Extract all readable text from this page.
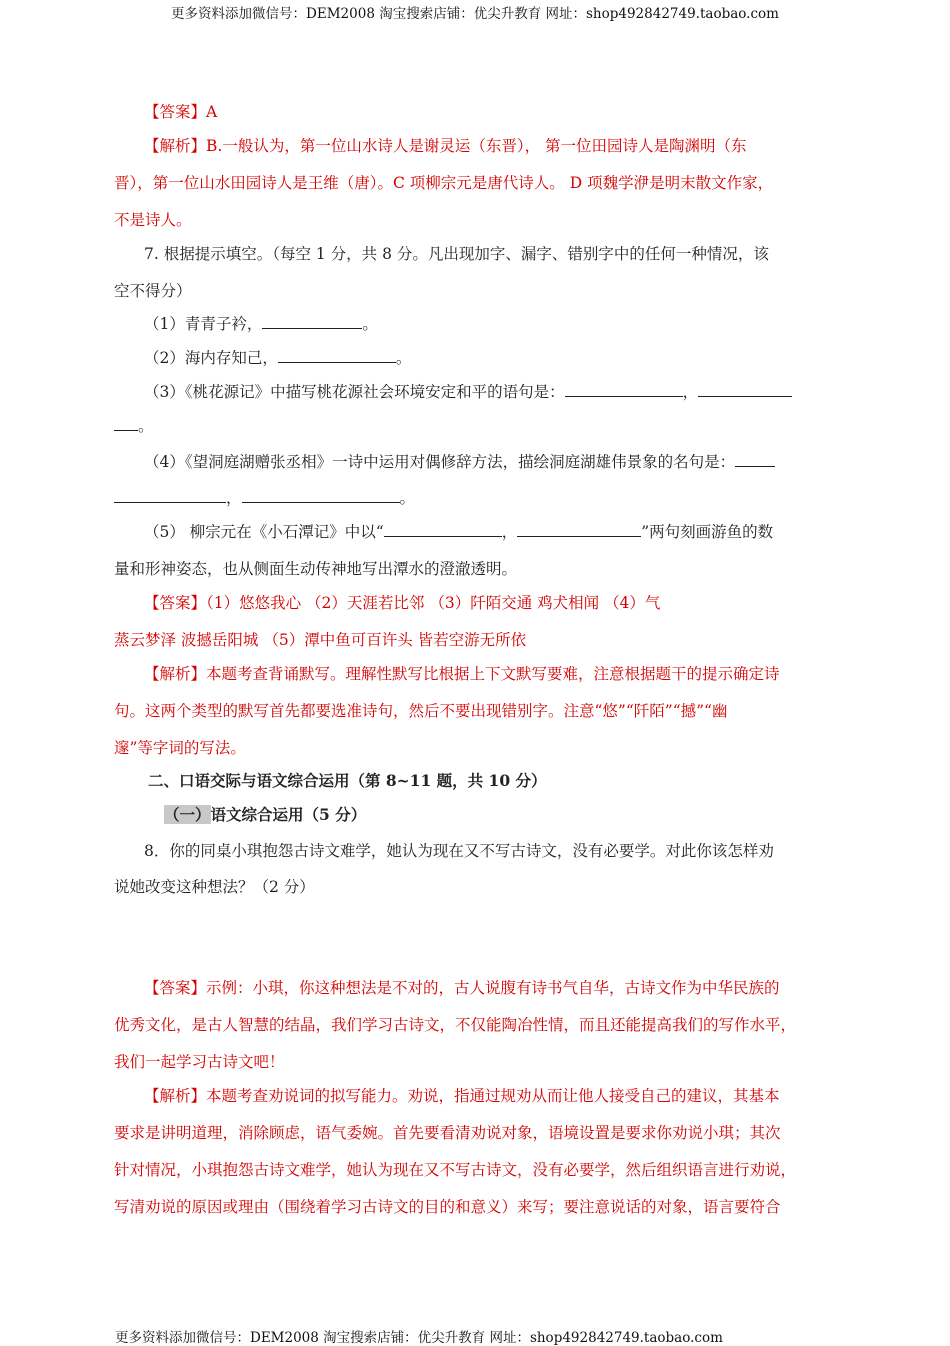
更多资料添加微信号：DEM2008 淘宝搜索店铺：优尖升教育 网址：shop492842749.taobao.com
【答案】A
【解析】B.一般认为，第一位山水诗人是谢灵运（东晋）， 第一位田园诗人是陶渊明（东
晋），第一位山水田园诗人是王维（唐）。C 项柳宗元是唐代诗人。 D 项魏学洢是明末散文作家，
不是诗人。
7. 根据提示填空。（每空 1 分，共 8 分。凡出现加字、漏字、错别字中的任何一种情况，该
空不得分）
（1）青青子衿，	。
（2）海内存知己，	。
（3）《桃花源记》中描写桃花源社会环境安定和平的语句是：	，
。
（4）《望洞庭湖赠张丞相》一诗中运用对偶修辞方法，描绘洞庭湖雄伟景象的名句是：
，	。
（5） 柳宗元在《小石潭记》中以“	，	”两句刻画游鱼的数
量和形神姿态，也从侧面生动传神地写出潭水的澄澈透明。
【答案】（1）悠悠我心 （2）天涯若比邻 （3）阡陌交通 鸡犬相闻 （4）气
蒸云梦泽 波撼岳阳城 （5）潭中鱼可百许头 皆若空游无所依
【解析】本题考查背诵默写。理解性默写比根据上下文默写要难，注意根据题干的提示确定诗
句。这两个类型的默写首先都要选准诗句，然后不要出现错别字。注意“悠”“阡陌”“撼”“幽
邃”等字词的写法。
二、口语交际与语文综合运用（第 8~11 题，共 10 分）
（一）语文综合运用（5 分）
8．你的同桌小琪抱怨古诗文难学，她认为现在又不写古诗文，没有必要学。对此你该怎样劝
说她改变这种想法？（2 分）
【答案】示例：小琪，你这种想法是不对的，古人说腹有诗书气自华，古诗文作为中华民族的
优秀文化，是古人智慧的结晶，我们学习古诗文，不仅能陶冶性情，而且还能提高我们的写作水平，
我们一起学习古诗文吧！
【解析】本题考查劝说词的拟写能力。劝说，指通过规劝从而让他人接受自己的建议，其基本
要求是讲明道理，消除顾虑，语气委婉。首先要看清劝说对象，语境设置是要求你劝说小琪；其次
针对情况，小琪抱怨古诗文难学，她认为现在又不写古诗文，没有必要学，然后组织语言进行劝说，
写清劝说的原因或理由（围绕着学习古诗文的目的和意义）来写；要注意说话的对象，语言要符合
更多资料添加微信号：DEM2008 淘宝搜索店铺：优尖升教育 网址：shop492842749.taobao.com
